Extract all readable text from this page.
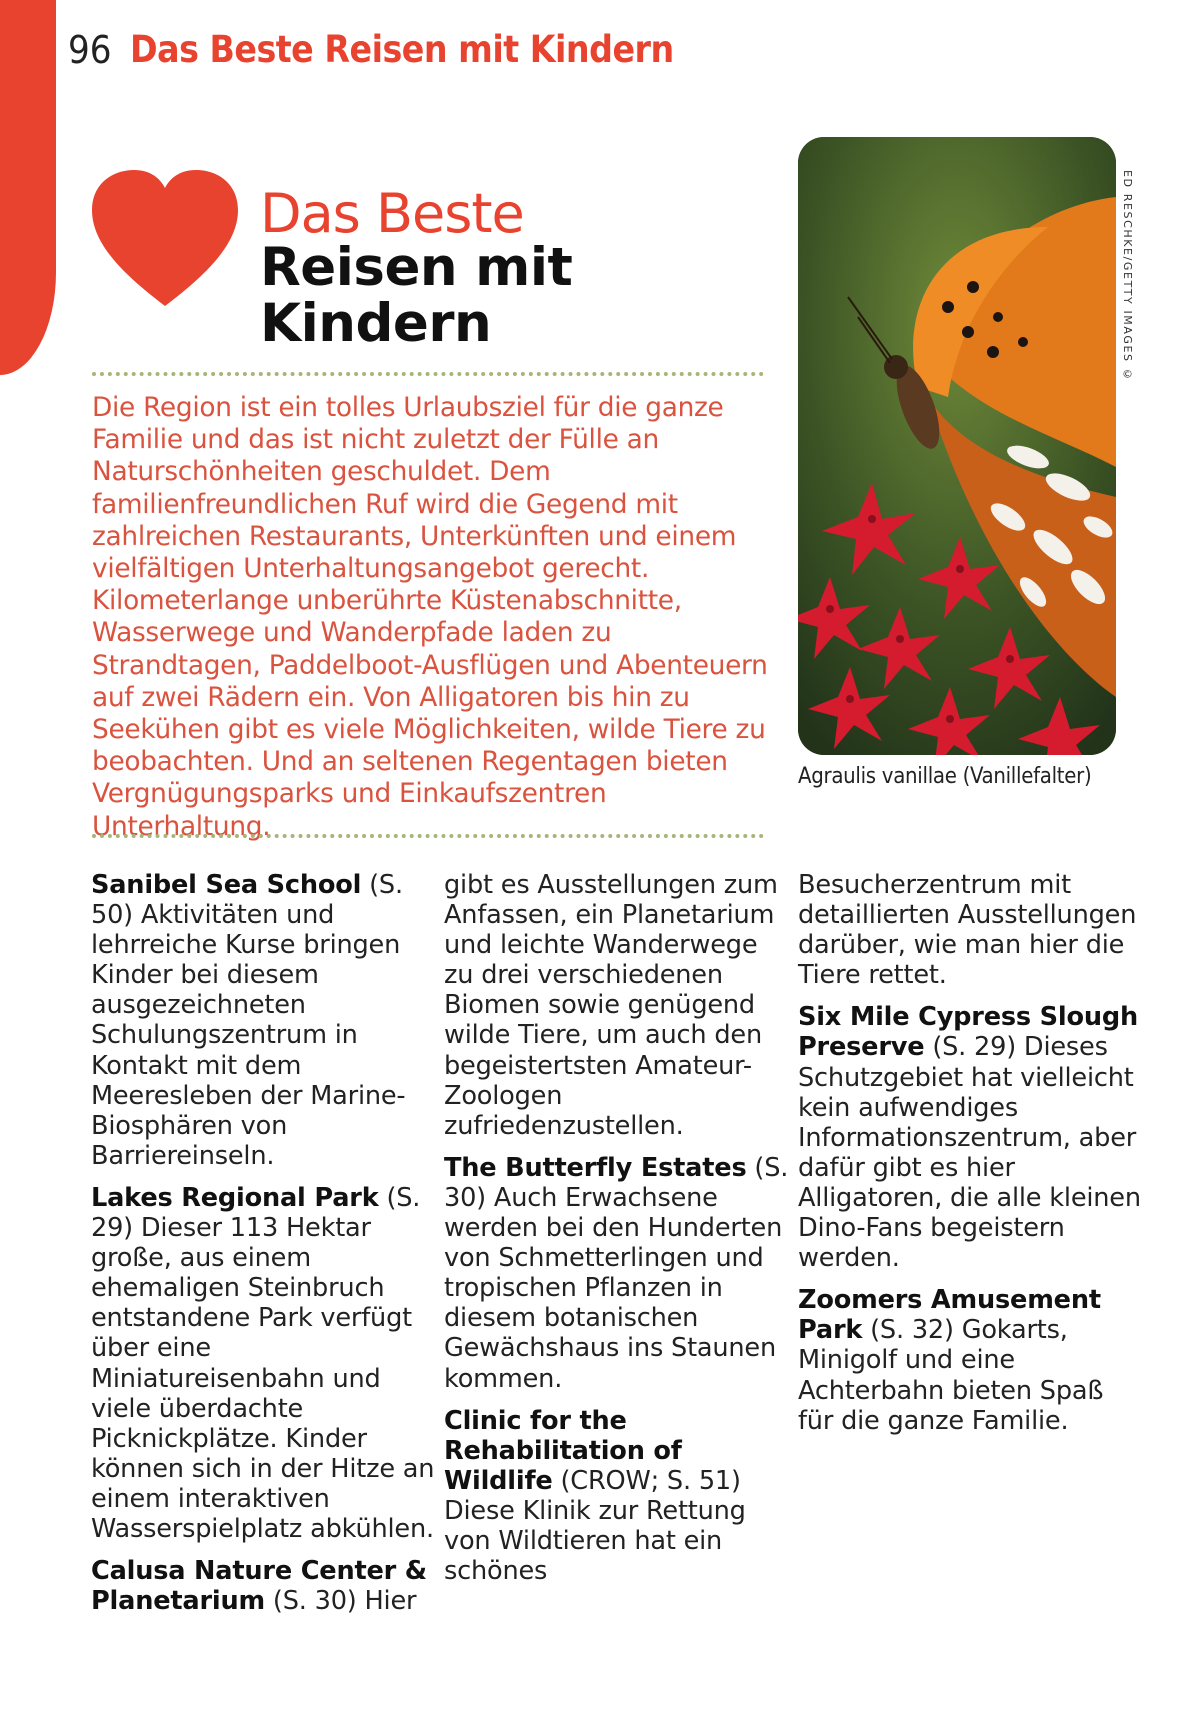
96 Das Beste Reisen mit Kindern
Das Beste
Reisen mit Kindern
Die Region ist ein tolles Urlaubsziel für die ganze Familie und das ist nicht zuletzt der Fülle an Naturschönheiten geschuldet. Dem familienfreundlichen Ruf wird die Gegend mit zahlreichen Restaurants, Unterkünften und einem vielfältigen Unterhaltungsangebot gerecht. Kilometerlange unberührte Küstenabschnitte, Wasserwege und Wanderpfade laden zu Strandtagen, Paddelboot-Ausflügen und Abenteuern auf zwei Rädern ein. Von Alligatoren bis hin zu Seekühen gibt es viele Möglichkeiten, wilde Tiere zu beobachten. Und an seltenen Regentagen bieten Vergnügungsparks und Einkaufszentren Unterhaltung.
ED RESCHKE/GETTY IMAGES ©
Agraulis vanillae (Vanillefalter)

Sanibel Sea School (S. 50) Aktivitäten und lehrreiche Kurse bringen Kinder bei diesem ausgezeichneten Schulungszentrum in Kontakt mit dem Meeresleben der Marine-Biosphären von Barriereinseln.

Lakes Regional Park (S. 29) Dieser 113 Hektar große, aus einem ehemaligen Steinbruch entstandene Park verfügt über eine Miniatureisenbahn und viele überdachte Picknickplätze. Kinder können sich in der Hitze an einem interaktiven Wasserspielplatz abkühlen.

Calusa Nature Center & Planetarium (S. 30) Hier

gibt es Ausstellungen zum Anfassen, ein Planetarium und leichte Wanderwege zu drei verschiedenen Biomen sowie genügend wilde Tiere, um auch den begeistertsten Amateur-Zoologen zufriedenzustellen.

The Butterfly Estates (S. 30) Auch Erwachsene werden bei den Hunderten von Schmetterlingen und tropischen Pflanzen in diesem botanischen Gewächshaus ins Staunen kommen.

Clinic for the Rehabilitation of Wildlife (CROW; S. 51) Diese Klinik zur Rettung von Wildtieren hat ein schönes

Besucherzentrum mit detaillierten Ausstellungen darüber, wie man hier die Tiere rettet.

Six Mile Cypress Slough Preserve (S. 29) Dieses Schutzgebiet hat vielleicht kein aufwendiges Informationszentrum, aber dafür gibt es hier Alligatoren, die alle kleinen Dino-Fans begeistern werden.

Zoomers Amusement Park (S. 32) Gokarts, Minigolf und eine Achterbahn bieten Spaß für die ganze Familie.
